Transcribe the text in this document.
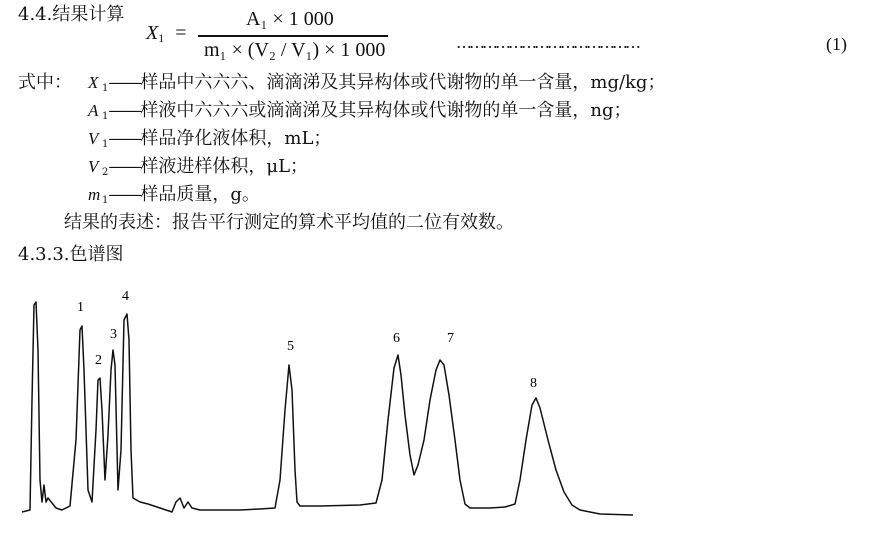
4.4.结果计算
$X_1$ =
A₁ × 1 000
m₁ × (V₂ / V₁) × 1 000	……………………………………	(1)
式中： X $_1$——样品中六六六、滴滴涕及其异构体或代谢物的单一含量，mg/kg；
A $_1$——样液中六六六或滴滴涕及其异构体或代谢物的单一含量，ng；
V $_1$——样品净化液体积，mL；
V $_2$——样液进样体积，μL；
m $_1$——样品质量，g。
结果的表述：报告平行测定的算术平均值的二位有效数。
4.3.3.色谱图
1
2
3
4
5
6	7
8
